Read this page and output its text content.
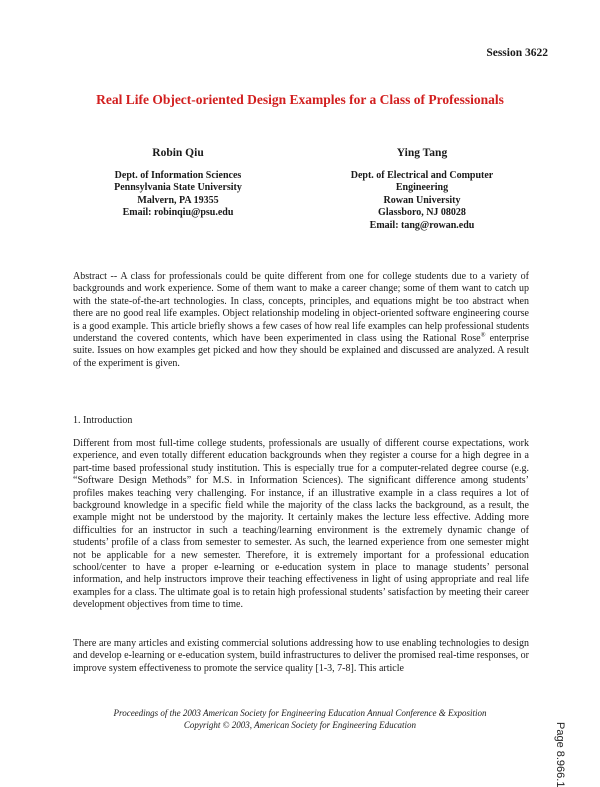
Session 3622
Real Life Object-oriented Design Examples for a Class of Professionals
Robin Qiu	Ying Tang
Dept. of Information Sciences
Pennsylvania State University
Malvern, PA 19355
Email: robinqiu@psu.edu
Dept. of Electrical and Computer
Engineering
Rowan University
Glassboro, NJ 08028
Email: tang@rowan.edu
Abstract -- A class for professionals could be quite different from one for college students due to a variety of backgrounds and work experience. Some of them want to make a career change; some of them want to catch up with the state-of-the-art technologies. In class, concepts, principles, and equations might be too abstract when there are no good real life examples. Object relationship modeling in object-oriented software engineering course is a good example. This article briefly shows a few cases of how real life examples can help professional students understand the covered contents, which have been experimented in class using the Rational Rose® enterprise suite. Issues on how examples get picked and how they should be explained and discussed are analyzed. A result of the experiment is given.
1. Introduction
Different from most full-time college students, professionals are usually of different course expectations, work experience, and even totally different education backgrounds when they register a course for a high degree in a part-time based professional study institution. This is especially true for a computer-related degree course (e.g. “Software Design Methods” for M.S. in Information Sciences). The significant difference among students’ profiles makes teaching very challenging. For instance, if an illustrative example in a class requires a lot of background knowledge in a specific field while the majority of the class lacks the background, as a result, the example might not be understood by the majority. It certainly makes the lecture less effective. Adding more difficulties for an instructor in such a teaching/learning environment is the extremely dynamic change of students’ profile of a class from semester to semester. As such, the learned experience from one semester might not be applicable for a new semester. Therefore, it is extremely important for a professional education school/center to have a proper e-learning or e-education system in place to manage students’ personal information, and help instructors improve their teaching effectiveness in light of using appropriate and real life examples for a class. The ultimate goal is to retain high professional students’ satisfaction by meeting their career development objectives from time to time.
There are many articles and existing commercial solutions addressing how to use enabling technologies to design and develop e-learning or e-education system, build infrastructures to deliver the promised real-time responses, or improve system effectiveness to promote the service quality [1-3, 7-8]. This article
Proceedings of the 2003 American Society for Engineering Education Annual Conference & Exposition
Copyright © 2003, American Society for Engineering Education	Page 8.966.1
